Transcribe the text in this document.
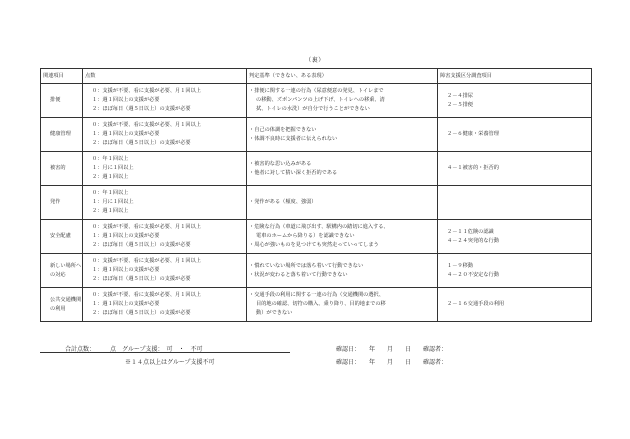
（裏）
関連項目	点数	判定基準（できない、ある表現）	障害支援区分調査項目

排便	０：支援が不要、看に支援が必要、月１回以上
１：週１回以上の支援が必要
２：ほぼ毎日（週５日以上）の支援が必要	・排便に関する一連の行為（尿意便意の発見、トイレまで
の移動、ズボンパンツの上げ下げ、トイレへの移乗、清
拭、トイレの水洗）が自分で行うことができない	２－４排尿
２－５排便

健康管理	０：支援が不要、看に支援が必要、月１回以上
１：週１回以上の支援が必要
２：ほぼ毎日（週５日以上）の支援が必要	・自己の体調を把握できない
・体調不良時に支援者に伝えられない	２－６健康・栄養管理

被害的	０：年１回以上
１：月に１回以上
２：週１回以上	・被害的な思い込みがある
・他者に対して猜い深く拒否的である	４－１被害的・拒否的

発作	０：年１回以上
１：月に１回以上
２：週１回以上	・発作がある（頻度、強弱）	

安全配慮	０：支援が不要、看に支援が必要、月１回以上
１：週１回以上の支援が必要
２：ほぼ毎日（週５日以上）の支援が必要	・危険な行為（車道に飛び出す、駅構内の踏切に進入する、
電車のホームから降りる）を認識できない
・周心が強いものを見つけても突然走っていってしまう	２－１１危険の認識
４－２４突発的な行動

新しい場所へ
の対応	０：支援が不要、看に支援が必要、月１回以上
１：週１回以上の支援が必要
２：ほぼ毎日（週５日以上）の支援が必要	・慣れていない場所では落ち着いて行動できない
・状況が変わると落ち着いて行動できない	１－９移動
４－２０不安定な行動

公共交通機関
の利用	０：支援が不要、看に支援が必要、月１回以上
１：週１回以上の支援が必要
２：ほぼ毎日（週５日以上）の支援が必要	・交通手段の利用に関する一連の行為（交通機関の選択、
目的地の確認、切符の購入、乗り降り、目的地までの移
動）ができない	２－１６交通手段の利用
合計点数：　　　点　グループ支援：　可　・　不可	確認日：　　年　　月　　日　　確認者：
※１４点以上はグループ支援不可	確認日：　　年　　月　　日　　確認者：
